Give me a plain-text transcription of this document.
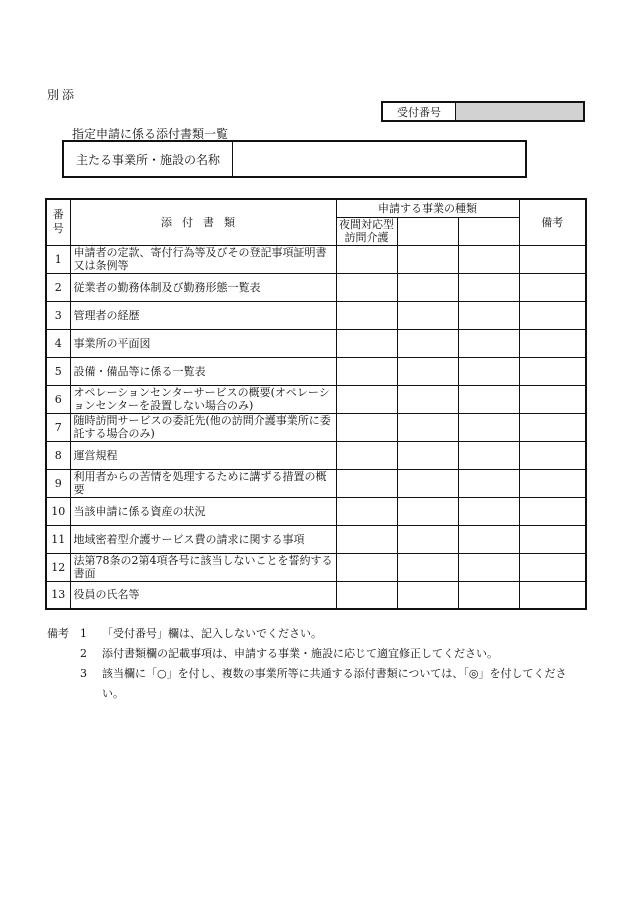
別添
受付番号
指定申請に係る添付書類一覧
主たる事業所・施設の名称
番号	添付書類	申請する事業の種類			備考
		夜間対応型訪問介護			
1	申請者の定款、寄付行為等及びその登記事項証明書又は条例等				
2	従業者の勤務体制及び勤務形態一覧表				
3	管理者の経歴				
4	事業所の平面図				
5	設備・備品等に係る一覧表				
6	オペレーションセンターサービスの概要(オペレーションセンターを設置しない場合のみ)				
7	随時訪問サービスの委託先(他の訪問介護事業所に委託する場合のみ)				
8	運営規程				
9	利用者からの苦情を処理するために講ずる措置の概要				
10	当該申請に係る資産の状況				
11	地域密着型介護サービス費の請求に関する事項				
12	法第78条の2第4項各号に該当しないことを誓約する書面				
13	役員の氏名等				
備考	1	「受付番号」欄は、記入しないでください。
2	添付書類欄の記載事項は、申請する事業・施設に応じて適宜修正してください。
3	該当欄に「○」を付し、複数の事業所等に共通する添付書類については、「◎」を付してください。
